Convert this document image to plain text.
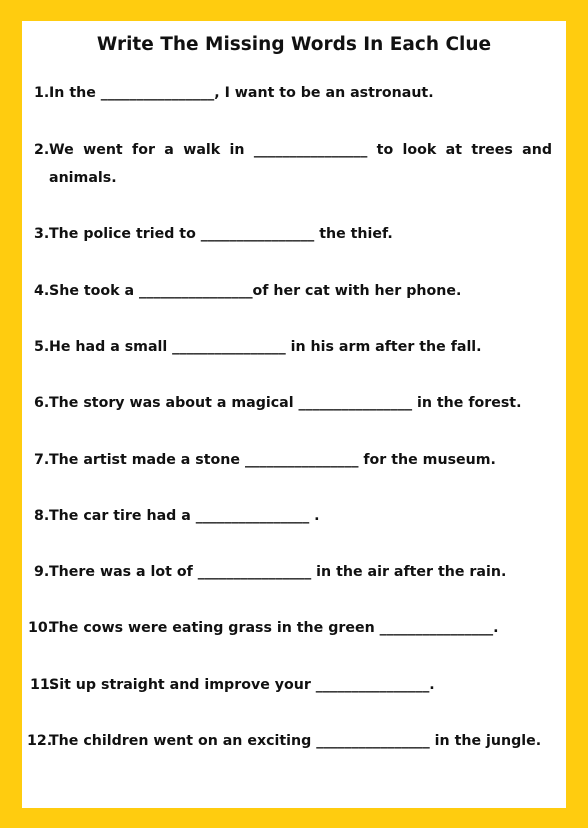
Write The Missing Words In Each Clue
1. In the ________________, I want to be an astronaut.
2. We went for a walk in ________________ to look at trees and animals.
3. The police tried to ________________ the thief.
4. She took a ________________of her cat with her phone.
5. He had a small ________________ in his arm after the fall.
6. The story was about a magical ________________ in the forest.
7. The artist made a stone ________________ for the museum.
8. The car tire had a ________________ .
9. There was a lot of ________________ in the air after the rain.
10.
The cows were eating grass in the green ________________.
11.
Sit up straight and improve your ________________.
12.
The children went on an exciting ________________ in the jungle.
